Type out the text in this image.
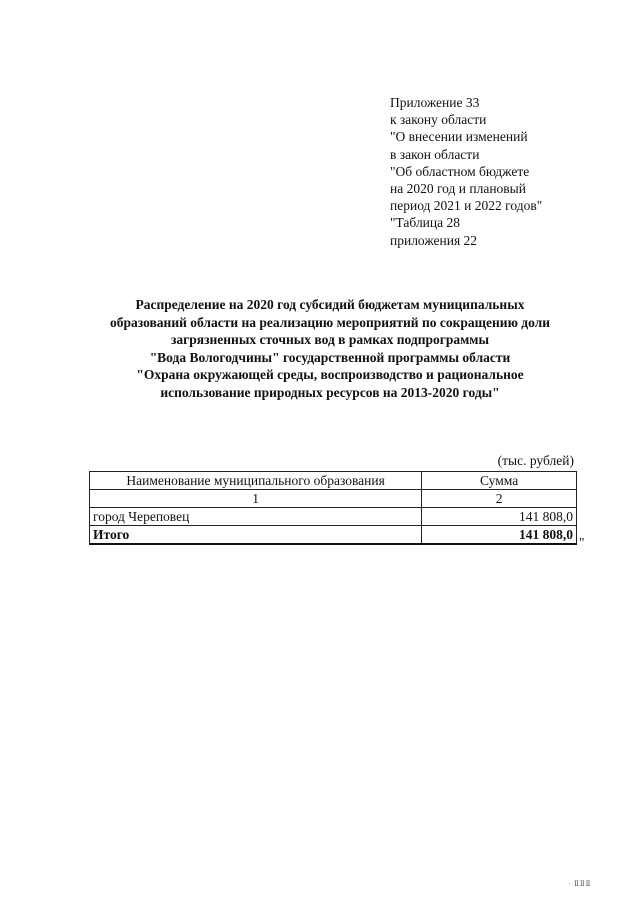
Приложение 33
к закону области
"О внесении изменений
в закон области
"Об областном бюджете
на 2020 год и плановый
период 2021 и 2022 годов"
"Таблица 28
приложения 22
Распределение на 2020 год субсидий бюджетам муниципальных
образований области на реализацию мероприятий по сокращению доли
загрязненных сточных вод в рамках подпрограммы
"Вода Вологодчины" государственной программы области
"Охрана окружающей среды, воспроизводство и рациональное
использование природных ресурсов на 2013-2020 годы"
(тыс. рублей)
Наименование муниципального образования	Сумма
1	2
город Череповец	141 808,0
Итого	141 808,0
"
· ⅡⅡⅡ
